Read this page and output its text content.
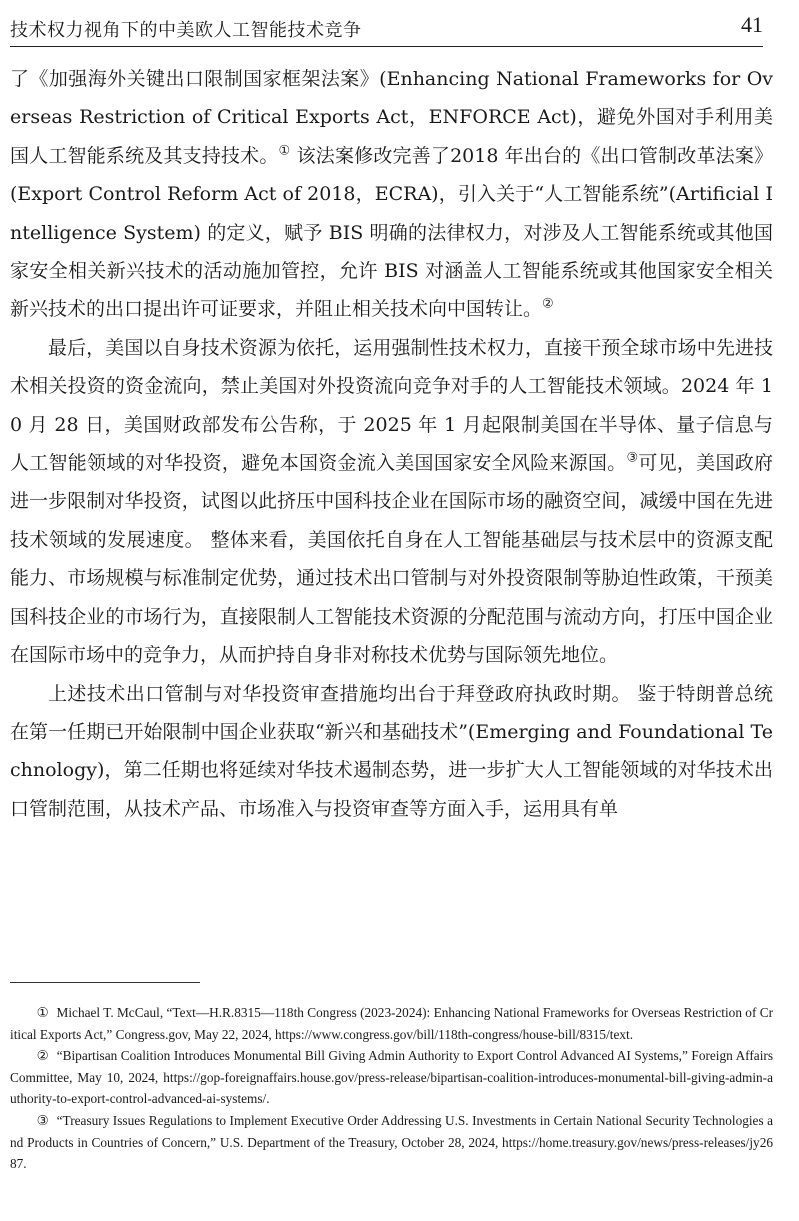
技术权力视角下的中美欧人工智能技术竞争	41

了《加强海外关键出口限制国家框架法案》(Enhancing National Frameworks for Overseas Restriction of Critical Exports Act，ENFORCE Act)，避免外国对手利用美国人工智能系统及其支持技术。① 该法案修改完善了2018 年出台的《出口管制改革法案》(Export Control Reform Act of 2018，ECRA)，引入关于“人工智能系统”(Artificial Intelligence System) 的定义，赋予 BIS 明确的法律权力，对涉及人工智能系统或其他国家安全相关新兴技术的活动施加管控，允许 BIS 对涵盖人工智能系统或其他国家安全相关新兴技术的出口提出许可证要求，并阻止相关技术向中国转让。②

最后，美国以自身技术资源为依托，运用强制性技术权力，直接干预全球市场中先进技术相关投资的资金流向，禁止美国对外投资流向竞争对手的人工智能技术领域。2024 年 10 月 28 日，美国财政部发布公告称，于 2025 年 1 月起限制美国在半导体、量子信息与人工智能领域的对华投资，避免本国资金流入美国国家安全风险来源国。③可见，美国政府进一步限制对华投资，试图以此挤压中国科技企业在国际市场的融资空间，减缓中国在先进技术领域的发展速度。 整体来看，美国依托自身在人工智能基础层与技术层中的资源支配能力、市场规模与标准制定优势，通过技术出口管制与对外投资限制等胁迫性政策，干预美国科技企业的市场行为，直接限制人工智能技术资源的分配范围与流动方向，打压中国企业在国际市场中的竞争力，从而护持自身非对称技术优势与国际领先地位。

上述技术出口管制与对华投资审查措施均出台于拜登政府执政时期。 鉴于特朗普总统在第一任期已开始限制中国企业获取“新兴和基础技术”(Emerging and Foundational Technology)，第二任期也将延续对华技术遏制态势，进一步扩大人工智能领域的对华技术出口管制范围，从技术产品、市场准入与投资审查等方面入手，运用具有单

① Michael T. McCaul, “Text—H.R.8315—118th Congress (2023-2024): Enhancing National Frameworks for Overseas Restriction of Critical Exports Act,” Congress.gov, May 22, 2024, https://www.congress.gov/bill/118th-congress/house-bill/8315/text.

② “Bipartisan Coalition Introduces Monumental Bill Giving Admin Authority to Export Control Advanced AI Systems,” Foreign Affairs Committee, May 10, 2024, https://gop-foreignaffairs.house.gov/press-release/bipartisan-coalition-introduces-monumental-bill-giving-admin-authority-to-export-control-advanced-ai-systems/.

③ “Treasury Issues Regulations to Implement Executive Order Addressing U.S. Investments in Certain National Security Technologies and Products in Countries of Concern,” U.S. Department of the Treasury, October 28, 2024, https://home.treasury.gov/news/press-releases/jy2687.
